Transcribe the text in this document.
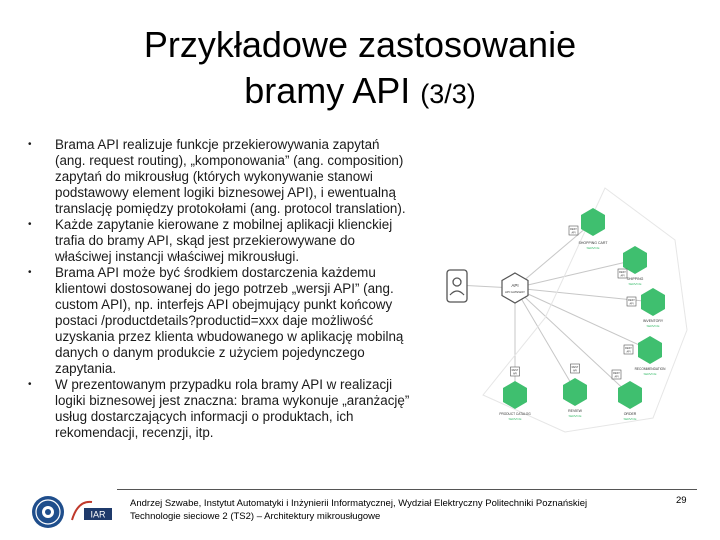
Przykładowe zastosowanie
bramy API (3/3)
• Brama API realizuje funkcje przekierowywania zapytań (ang. request routing), „komponowania” (ang. composition) zapytań do mikrousług (których wykonywanie stanowi podstawowy element logiki biznesowej API), i ewentualną translację pomiędzy protokołami (ang. protocol translation).
• Każde zapytanie kierowane z mobilnej aplikacji klienckiej trafia do bramy API, skąd jest przekierowywane do właściwej instancji właściwej mikrousługi.
• Brama API może być środkiem dostarczenia każdemu klientowi dostosowanej do jego potrzeb „wersji API” (ang. custom API), np. interfejs API obejmujący punkt końcowy postaci /productdetails?productid=xxx daje możliwość uzyskania przez klienta wbudowanego w aplikację mobilną danych o danym produkcie z użyciem pojedynczego zapytania.
• W prezentowanym przypadku rola bramy API w realizacji logiki biznesowej jest znaczna: brama wykonuje „aranżację” usług dostarczających informacji o produktach, ich rekomendacji, recenzji, itp.
API
API GATEWAY
SHOPPING CART
SERVICE
REST
API
SHIPPING
SERVICE
REST
API
INVENTORY
SERVICE
REST
API
RECOMMENDATION
SERVICE
REST
API
ORDER
SERVICE
REST
API
REVIEW
SERVICE
REST
API
PRODUCT CATALOG
SERVICE
REST
API
IAR
Andrzej Szwabe, Instytut Automatyki i Inżynierii Informatycznej, Wydział Elektryczny Politechniki Poznańskiej
Technologie sieciowe 2 (TS2) – Architektury mikrousługowe
29
